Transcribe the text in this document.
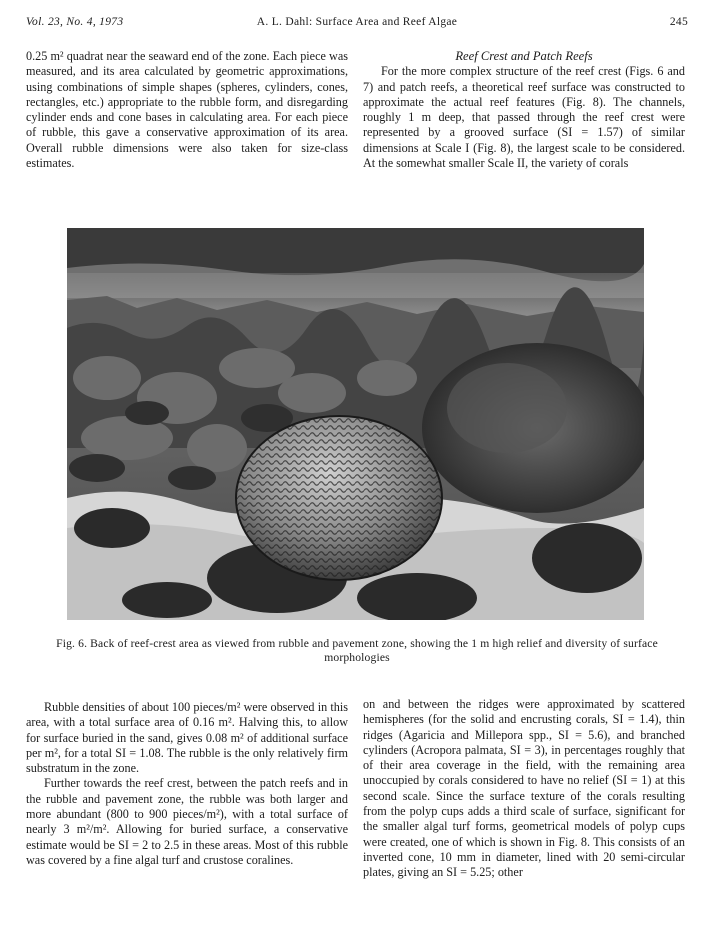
Vol. 23, No. 4, 1973	A. L. Dahl: Surface Area and Reef Algae	245

0.25 m² quadrat near the seaward end of the zone. Each piece was measured, and its area calculated by geometric approximations, using combinations of simple shapes (spheres, cylinders, cones, rectangles, etc.) appropriate to the rubble form, and disregarding cylinder ends and cone bases in calculating area. For each piece of rubble, this gave a conservative approximation of its area. Overall rubble dimensions were also taken for size-class estimates.

Reef Crest and Patch Reefs

For the more complex structure of the reef crest (Figs. 6 and 7) and patch reefs, a theoretical reef surface was constructed to approximate the actual reef features (Fig. 8). The channels, roughly 1 m deep, that passed through the reef crest were represented by a grooved surface (SI = 1.57) of similar dimensions at Scale I (Fig. 8), the largest scale to be considered. At the somewhat smaller Scale II, the variety of corals

Fig. 6. Back of reef-crest area as viewed from rubble and pavement zone, showing the 1 m high relief and diversity of surface morphologies

Rubble densities of about 100 pieces/m² were observed in this area, with a total surface area of 0.16 m². Halving this, to allow for surface buried in the sand, gives 0.08 m² of additional surface per m², for a total SI = 1.08. The rubble is the only relatively firm substratum in the zone.

Further towards the reef crest, between the patch reefs and in the rubble and pavement zone, the rubble was both larger and more abundant (800 to 900 pieces/m²), with a total surface of nearly 3 m²/m². Allowing for buried surface, a conservative estimate would be SI = 2 to 2.5 in these areas. Most of this rubble was covered by a fine algal turf and crustose coralines.

on and between the ridges were approximated by scattered hemispheres (for the solid and encrusting corals, SI = 1.4), thin ridges (Agaricia and Millepora spp., SI = 5.6), and branched cylinders (Acropora palmata, SI = 3), in percentages roughly that of their area coverage in the field, with the remaining area unoccupied by corals considered to have no relief (SI = 1) at this second scale. Since the surface texture of the corals resulting from the polyp cups adds a third scale of surface, significant for the smaller algal turf forms, geometrical models of polyp cups were created, one of which is shown in Fig. 8. This consists of an inverted cone, 10 mm in diameter, lined with 20 semi-circular plates, giving an SI = 5.25; other
